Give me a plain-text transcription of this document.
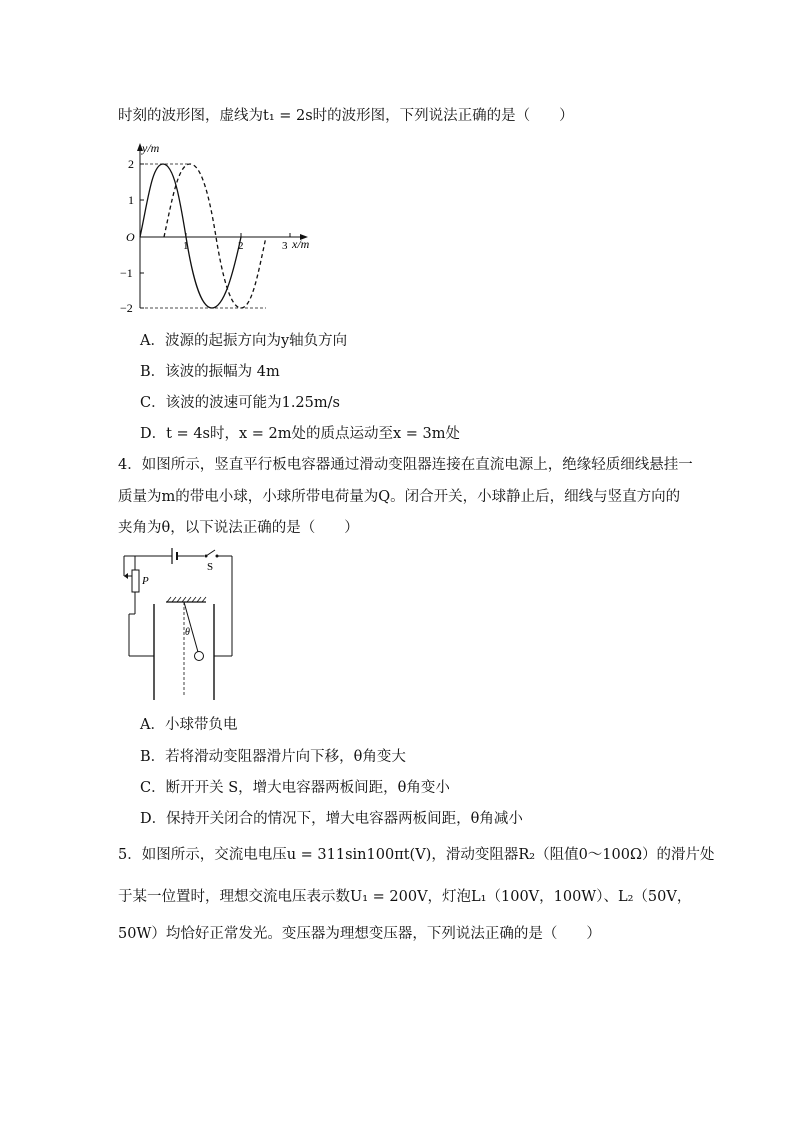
时刻的波形图，虚线为t₁ = 2s时的波形图，下列说法正确的是（　　）
y/m
x/m
2
1
O
−1
−2
1	2	3
A．波源的起振方向为y轴负方向
B．该波的振幅为 4m
C．该波的波速可能为1.25m/s
D．t = 4s时，x = 2m处的质点运动至x = 3m处
4．如图所示，竖直平行板电容器通过滑动变阻器连接在直流电源上，绝缘轻质细线悬挂一
质量为m的带电小球，小球所带电荷量为Q。闭合开关，小球静止后，细线与竖直方向的
夹角为θ，以下说法正确的是（　　）
S
P
θ
A．小球带负电
B．若将滑动变阻器滑片向下移，θ角变大
C．断开开关 S，增大电容器两板间距，θ角变小
D．保持开关闭合的情况下，增大电容器两板间距，θ角减小
5．如图所示，交流电电压u = 311sin100πt(V)，滑动变阻器R₂（阻值0～100Ω）的滑片处
于某一位置时，理想交流电压表示数U₁ = 200V，灯泡L₁（100V，100W）、L₂（50V，
50W）均恰好正常发光。变压器为理想变压器，下列说法正确的是（　　）
